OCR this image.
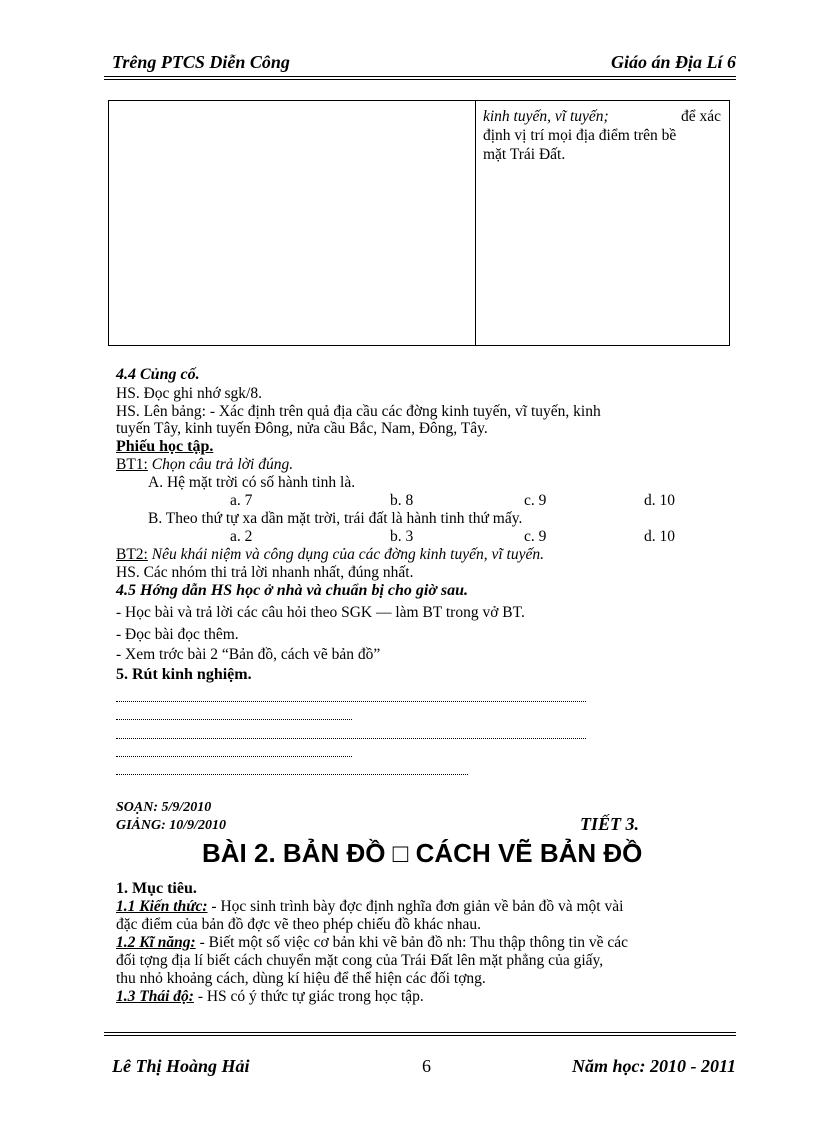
Trêng PTCS Diễn Công	Giáo án Địa Lí 6
kinh tuyến, vĩ tuyến;	để xác
định vị trí mọi địa điểm trên bề
mặt Trái Đất.
4.4 Củng cố.
HS. Đọc ghi nhớ sgk/8.
HS. Lên bảng: - Xác định trên quả địa cầu các đờng kinh tuyến, vĩ tuyến, kinh
tuyến Tây, kinh tuyến Đông, nửa cầu Bắc, Nam, Đông, Tây.
Phiếu học tập.
BT1: Chọn câu trả lời đúng.
A. Hệ mặt trời có số hành tinh là.
a. 7	b. 8	c. 9	d. 10
B. Theo thứ tự xa dần mặt trời, trái đất là hành tinh thứ mấy.
a. 2	b. 3	c. 9	d. 10
BT2: Nêu khái niệm và công dụng của các đờng kinh tuyến, vĩ tuyến.
HS. Các nhóm thi trả lời nhanh nhất, đúng nhất.
4.5 Hớng dẫn HS học ở nhà và chuẩn bị cho giờ sau.
- Học bài và trả lời các câu hỏi theo SGK — làm BT trong vở BT.
- Đọc bài đọc thêm.
- Xem trớc bài 2 “Bản đồ, cách vẽ bản đồ”
5. Rút kinh nghiệm.
SOẠN: 5/9/2010
GIẢNG: 10/9/2010	TIẾT 3.
BÀI 2. BẢN ĐỒ □ CÁCH VẼ BẢN ĐỒ
1. Mục tiêu.
1.1 Kiến thức: - Học sinh trình bày đợc định nghĩa đơn giản về bản đồ và một vài
đặc điểm của bản đồ đợc vẽ theo phép chiếu đồ khác nhau.
1.2 Kĩ năng: - Biết một số việc cơ bản khi vẽ bản đồ nh: Thu thập thông tin về các
đối tợng địa lí biết cách chuyển mặt cong của Trái Đất lên mặt phẳng của giấy,
thu nhỏ khoảng cách, dùng kí hiệu để thể hiện các đối tợng.
1.3 Thái độ: - HS có ý thức tự giác trong học tập.
Lê Thị Hoàng Hải	6	Năm học: 2010 - 2011
